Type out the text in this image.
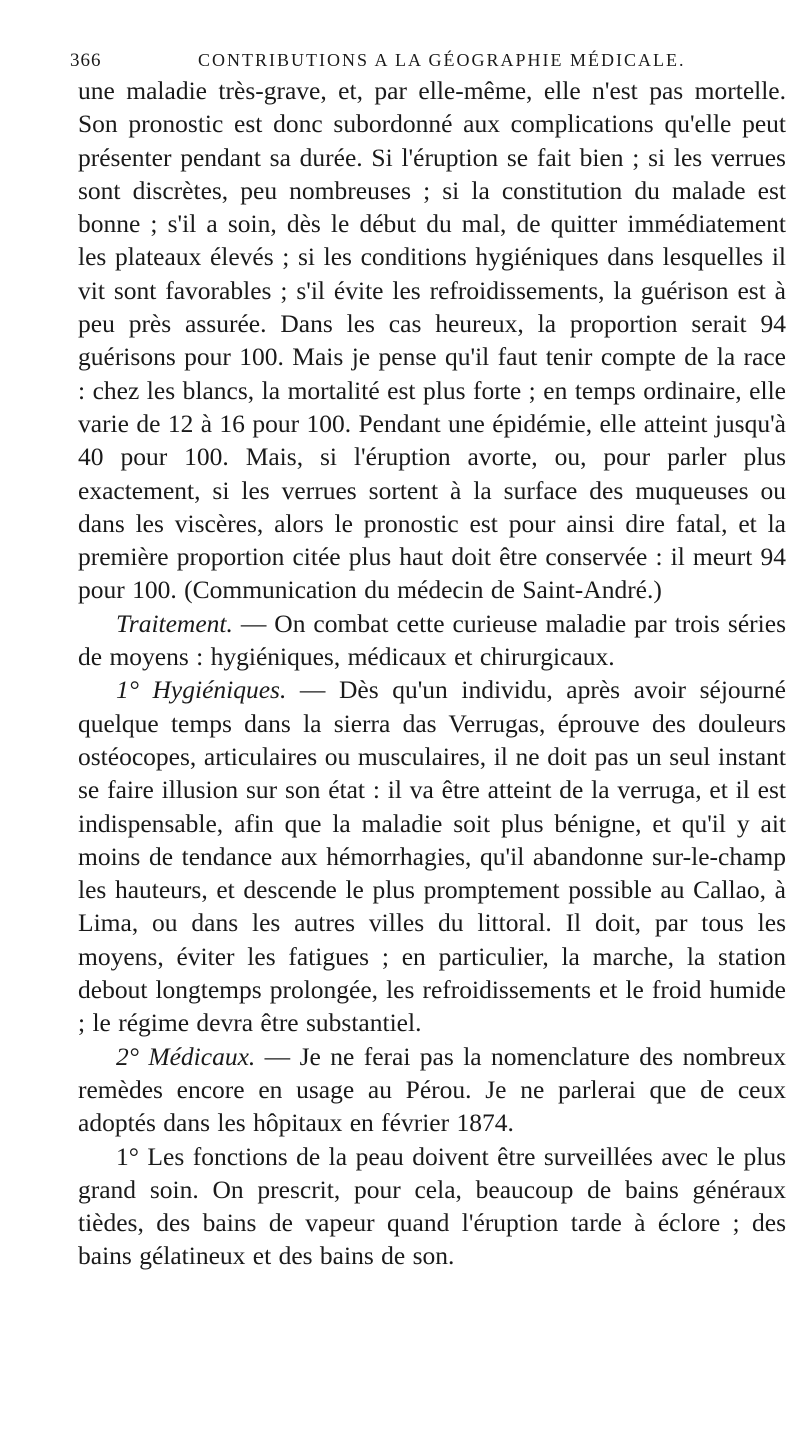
366	CONTRIBUTIONS A LA GÉOGRAPHIE MÉDICALE.

une maladie très-grave, et, par elle-même, elle n'est pas mortelle. Son pronostic est donc subordonné aux complications qu'elle peut présenter pendant sa durée. Si l'éruption se fait bien ; si les verrues sont discrètes, peu nombreuses ; si la constitution du malade est bonne ; s'il a soin, dès le début du mal, de quitter immédiatement les plateaux élevés ; si les conditions hygiéniques dans lesquelles il vit sont favorables ; s'il évite les refroidissements, la guérison est à peu près assurée. Dans les cas heureux, la proportion serait 94 guérisons pour 100. Mais je pense qu'il faut tenir compte de la race : chez les blancs, la mortalité est plus forte ; en temps ordinaire, elle varie de 12 à 16 pour 100. Pendant une épidémie, elle atteint jusqu'à 40 pour 100. Mais, si l'éruption avorte, ou, pour parler plus exactement, si les verrues sortent à la surface des muqueuses ou dans les viscères, alors le pronostic est pour ainsi dire fatal, et la première proportion citée plus haut doit être conservée : il meurt 94 pour 100. (Communication du médecin de Saint-André.)

Traitement. — On combat cette curieuse maladie par trois séries de moyens : hygiéniques, médicaux et chirurgicaux.

1° Hygiéniques. — Dès qu'un individu, après avoir séjourné quelque temps dans la sierra das Verrugas, éprouve des douleurs ostéocopes, articulaires ou musculaires, il ne doit pas un seul instant se faire illusion sur son état : il va être atteint de la verruga, et il est indispensable, afin que la maladie soit plus bénigne, et qu'il y ait moins de tendance aux hémorrhagies, qu'il abandonne sur-le-champ les hauteurs, et descende le plus promptement possible au Callao, à Lima, ou dans les autres villes du littoral. Il doit, par tous les moyens, éviter les fatigues ; en particulier, la marche, la station debout longtemps prolongée, les refroidissements et le froid humide ; le régime devra être substantiel.

2° Médicaux. — Je ne ferai pas la nomenclature des nombreux remèdes encore en usage au Pérou. Je ne parlerai que de ceux adoptés dans les hôpitaux en février 1874.

1° Les fonctions de la peau doivent être surveillées avec le plus grand soin. On prescrit, pour cela, beaucoup de bains généraux tièdes, des bains de vapeur quand l'éruption tarde à éclore ; des bains gélatineux et des bains de son.
